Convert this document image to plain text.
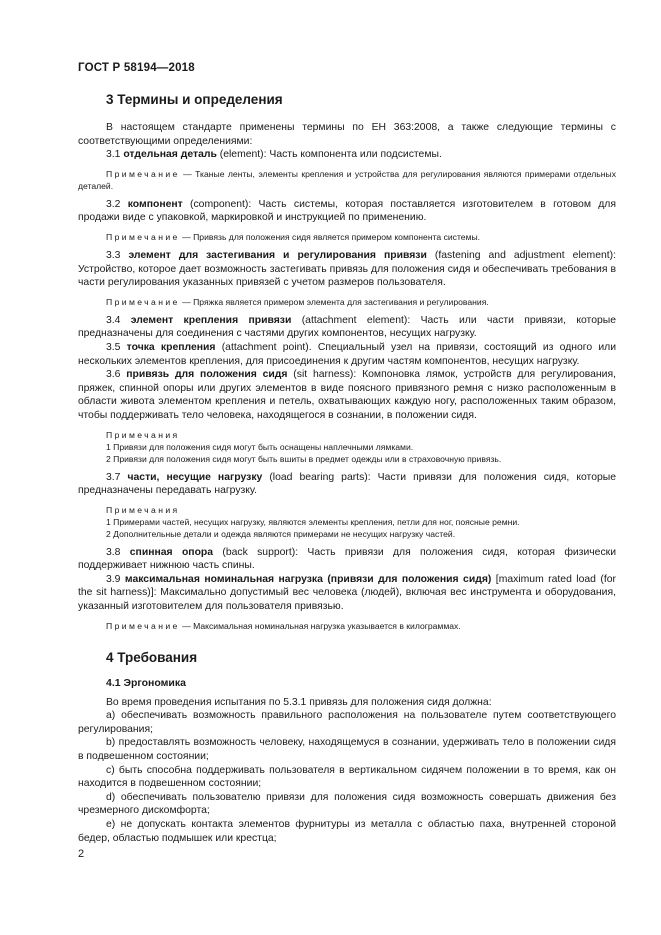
ГОСТ Р 58194—2018
3 Термины и определения

В настоящем стандарте применены термины по ЕН 363:2008, а также следующие термины с соответствующими определениями:

3.1 отдельная деталь (element): Часть компонента или подсистемы.

Примечание — Тканые ленты, элементы крепления и устройства для регулирования являются примерами отдельных деталей.

3.2 компонент (component): Часть системы, которая поставляется изготовителем в готовом для продажи виде с упаковкой, маркировкой и инструкцией по применению.

Примечание — Привязь для положения сидя является примером компонента системы.

3.3 элемент для застегивания и регулирования привязи (fastening and adjustment element): Устройство, которое дает возможность застегивать привязь для положения сидя и обеспечивать требования в части регулирования указанных привязей с учетом размеров пользователя.

Примечание — Пряжка является примером элемента для застегивания и регулирования.

3.4 элемент крепления привязи (attachment element): Часть или части привязи, которые предназначены для соединения с частями других компонентов, несущих нагрузку.

3.5 точка крепления (attachment point). Специальный узел на привязи, состоящий из одного или нескольких элементов крепления, для присоединения к другим частям компонентов, несущих нагрузку.

3.6 привязь для положения сидя (sit harness): Компоновка лямок, устройств для регулирования, пряжек, спинной опоры или других элементов в виде поясного привязного ремня с низко расположенным в области живота элементом крепления и петель, охватывающих каждую ногу, расположенных таким образом, чтобы поддерживать тело человека, находящегося в сознании, в положении сидя.

Примечания
1 Привязи для положения сидя могут быть оснащены наплечными лямками.
2 Привязи для положения сидя могут быть вшиты в предмет одежды или в страховочную привязь.

3.7 части, несущие нагрузку (load bearing parts): Части привязи для положения сидя, которые предназначены передавать нагрузку.

Примечания
1 Примерами частей, несущих нагрузку, являются элементы крепления, петли для ног, поясные ремни.
2 Дополнительные детали и одежда являются примерами не несущих нагрузку частей.

3.8 спинная опора (back support): Часть привязи для положения сидя, которая физически поддерживает нижнюю часть спины.

3.9 максимальная номинальная нагрузка (привязи для положения сидя) [maximum rated load (for the sit harness)]: Максимально допустимый вес человека (людей), включая вес инструмента и оборудования, указанный изготовителем для пользователя привязью.

Примечание — Максимальная номинальная нагрузка указывается в килограммах.
4 Требования
4.1 Эргономика

Во время проведения испытания по 5.3.1 привязь для положения сидя должна:

а) обеспечивать возможность правильного расположения на пользователе путем соответствующего регулирования;

b) предоставлять возможность человеку, находящемуся в сознании, удерживать тело в положении сидя в подвешенном состоянии;

с) быть способна поддерживать пользователя в вертикальном сидячем положении в то время, как он находится в подвешенном состоянии;

d) обеспечивать пользователю привязи для положения сидя возможность совершать движения без чрезмерного дискомфорта;

е) не допускать контакта элементов фурнитуры из металла с областью паха, внутренней стороной бедер, областью подмышек или крестца;

2
